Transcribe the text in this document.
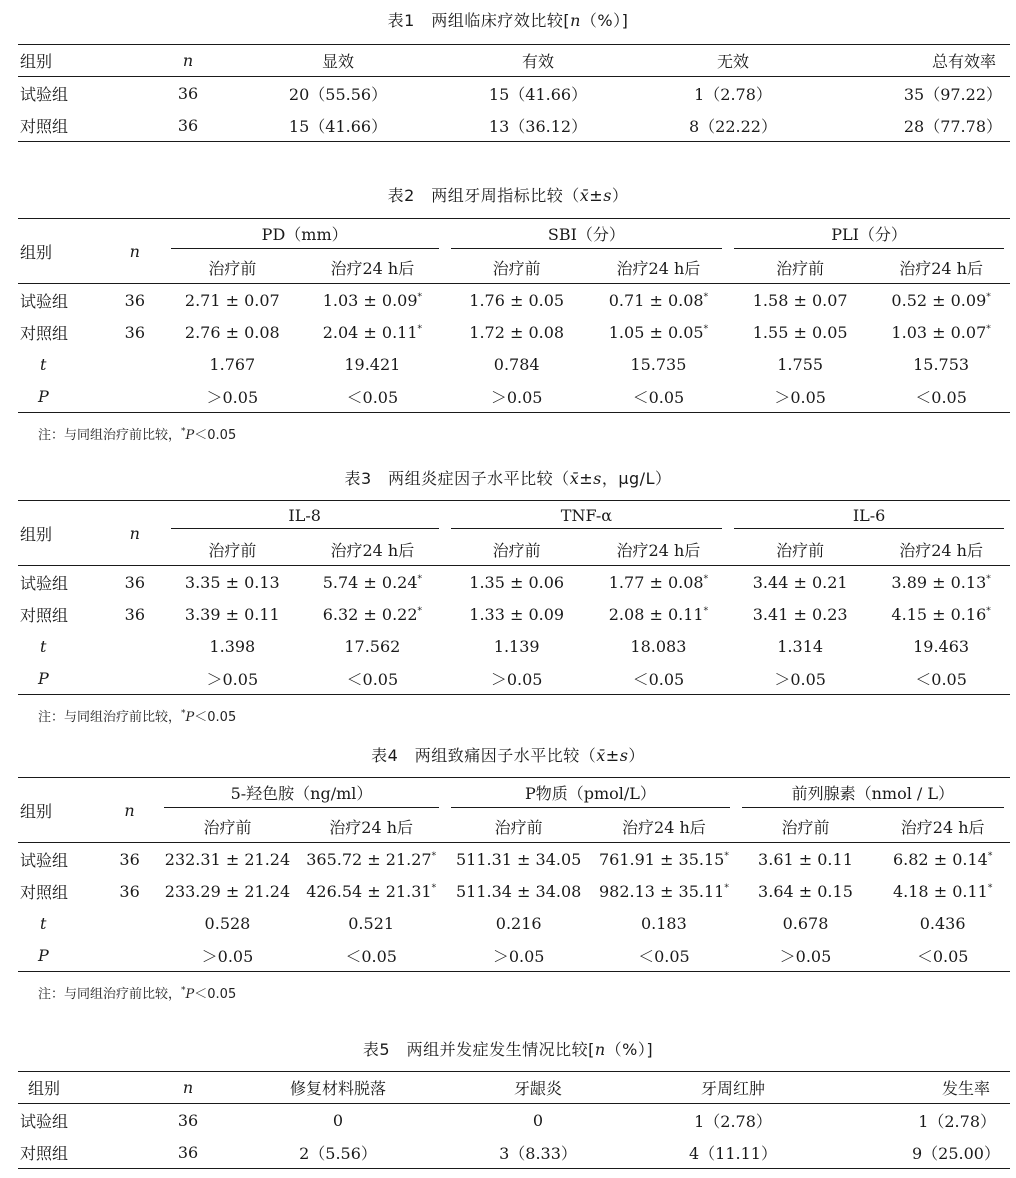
表1　两组临床疗效比较[n（%）]
组别	n	显效	有效	无效	总有效率
试验组	36	20（55.56）	15（41.66）	1（2.78）	35（97.22）
对照组	36	15（41.66）	13（36.12）	8（22.22）	28（77.78）
表2　两组牙周指标比较（x̄±s）
组别	n	PD（mm）		SBI（分）		PLI（分）	

		治疗前	治疗24 h后	治疗前	治疗24 h后	治疗前	治疗24 h后
试验组	36	2.71 ± 0.07	1.03 ± 0.09*	1.76 ± 0.05	0.71 ± 0.08*	1.58 ± 0.07	0.52 ± 0.09*
对照组	36	2.76 ± 0.08	2.04 ± 0.11*	1.72 ± 0.08	1.05 ± 0.05*	1.55 ± 0.05	1.03 ± 0.07*
t		1.767	19.421	0.784	15.735	1.755	15.753
P		＞0.05	＜0.05	＞0.05	＜0.05	＞0.05	＜0.05
注：与同组治疗前比较，*P＜0.05
表3　两组炎症因子水平比较（x̄±s，μg/L）
组别	n	IL-8		TNF-α		IL-6	

		治疗前	治疗24 h后	治疗前	治疗24 h后	治疗前	治疗24 h后
试验组	36	3.35 ± 0.13	5.74 ± 0.24*	1.35 ± 0.06	1.77 ± 0.08*	3.44 ± 0.21	3.89 ± 0.13*
对照组	36	3.39 ± 0.11	6.32 ± 0.22*	1.33 ± 0.09	2.08 ± 0.11*	3.41 ± 0.23	4.15 ± 0.16*
t		1.398	17.562	1.139	18.083	1.314	19.463
P		＞0.05	＜0.05	＞0.05	＜0.05	＞0.05	＜0.05
注：与同组治疗前比较，*P＜0.05
表4　两组致痛因子水平比较（x̄±s）
组别	n	5-羟色胺（ng/ml）		P物质（pmol/L）		前列腺素（nmol / L）	

		治疗前	治疗24 h后	治疗前	治疗24 h后	治疗前	治疗24 h后
试验组	36	232.31 ± 21.24	365.72 ± 21.27*	511.31 ± 34.05	761.91 ± 35.15*	3.61 ± 0.11	6.82 ± 0.14*
对照组	36	233.29 ± 21.24	426.54 ± 21.31*	511.34 ± 34.08	982.13 ± 35.11*	3.64 ± 0.15	4.18 ± 0.11*
t		0.528	0.521	0.216	0.183	0.678	0.436
P		＞0.05	＜0.05	＞0.05	＜0.05	＞0.05	＜0.05
注：与同组治疗前比较，*P＜0.05
表5　两组并发症发生情况比较[n（%）]
组别	n	修复材料脱落	牙龈炎	牙周红肿	发生率
试验组	36	0	0	1（2.78）	1（2.78）
对照组	36	2（5.56）	3（8.33）	4（11.11）	9（25.00）
